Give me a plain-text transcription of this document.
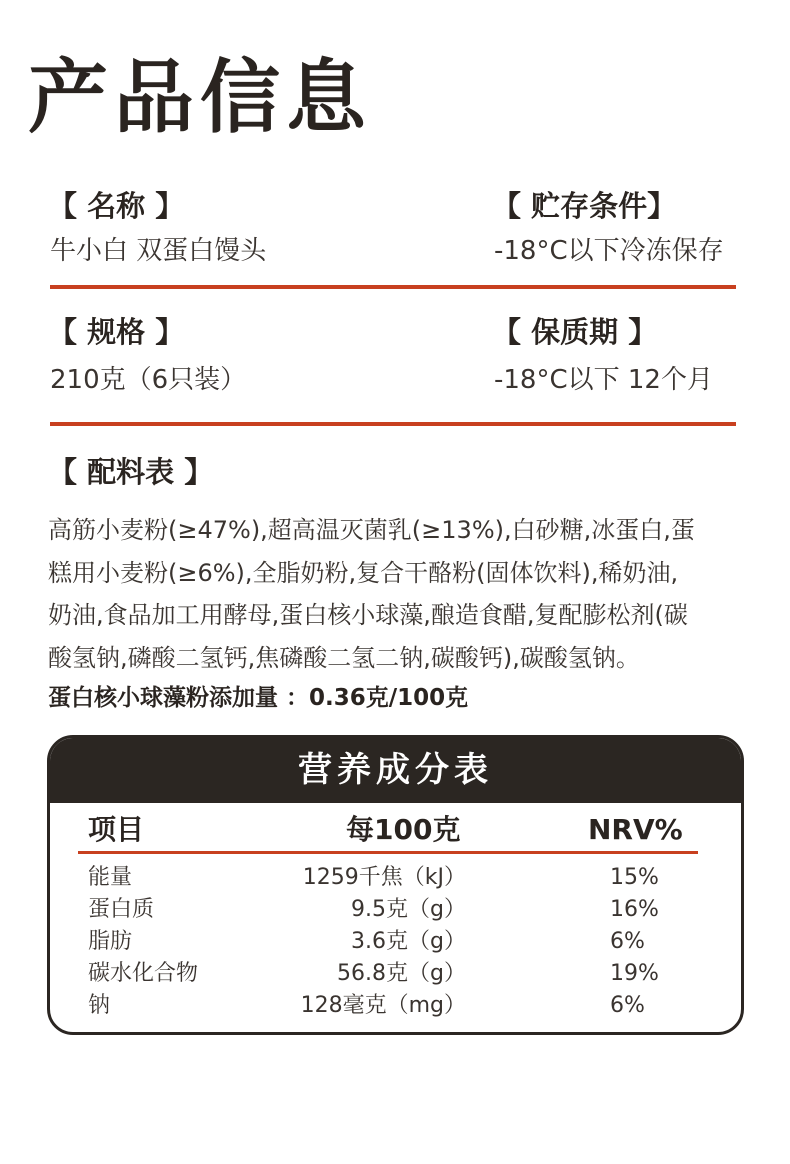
产品信息
【 名称 】
牛小白 双蛋白馒头
【 贮存条件】
-18°C以下冷冻保存
【 规格 】
210克（6只装）
【 保质期 】
-18°C以下 12个月
【 配料表 】
高筋小麦粉(≥47%),超高温灭菌乳(≥13%),白砂糖,冰蛋白,蛋
糕用小麦粉(≥6%),全脂奶粉,复合干酪粉(固体饮料),稀奶油,
奶油,食品加工用酵母,蛋白核小球藻,酿造食醋,复配膨松剂(碳
酸氢钠,磷酸二氢钙,焦磷酸二氢二钠,碳酸钙),碳酸氢钠。
蛋白核小球藻粉添加量 ：0.36克/100克
营养成分表
项目	每100克	NRV%
能量	1259千焦（kJ）	15%
蛋白质	9.5克（g）	16%
脂肪	3.6克（g）	6%
碳水化合物	56.8克（g）	19%
钠	128毫克（mg）	6%
